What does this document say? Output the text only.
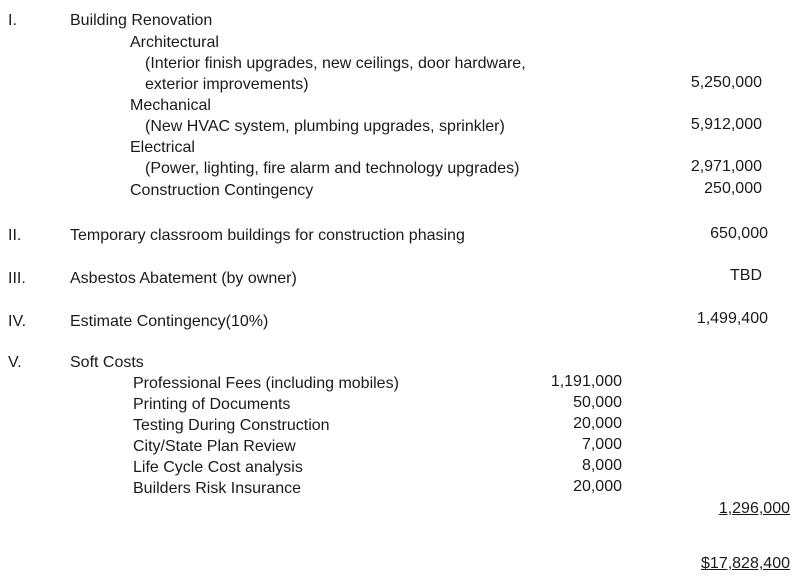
I.	Building Renovation
Architectural
(Interior finish upgrades, new ceilings, door hardware,
exterior improvements)	5,250,000
Mechanical
(New HVAC system, plumbing upgrades, sprinkler)	5,912,000
Electrical
(Power, lighting, fire alarm and technology upgrades)	2,971,000
Construction Contingency	250,000
II.	Temporary classroom buildings for construction phasing	650,000
III.	Asbestos Abatement (by owner)	TBD
IV.	Estimate Contingency(10%)	1,499,400
V.	Soft Costs
Professional Fees (including mobiles)	1,191,000
Printing of Documents	50,000
Testing During Construction	20,000
City/State Plan Review	7,000
Life Cycle Cost analysis	8,000
Builders Risk Insurance	20,000
1,296,000
$17,828,400
